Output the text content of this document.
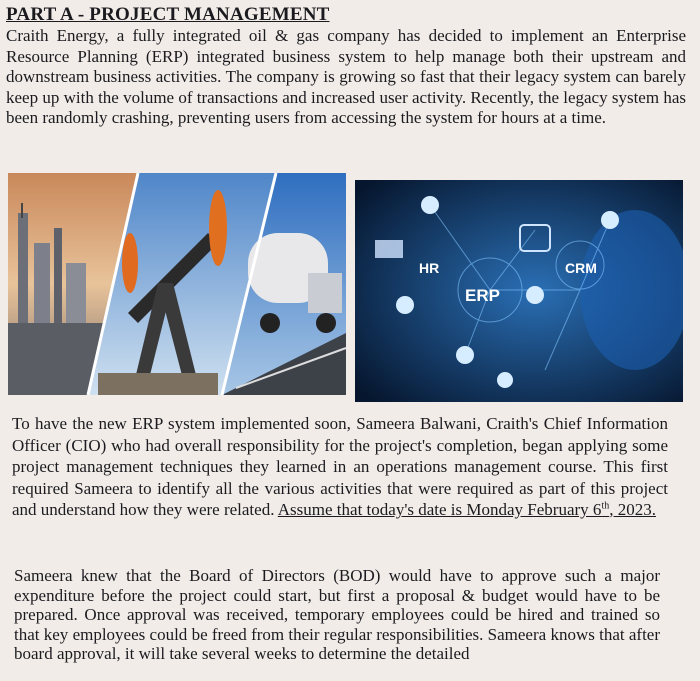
PART A - PROJECT MANAGEMENT
Craith Energy, a fully integrated oil & gas company has decided to implement an Enterprise Resource Planning (ERP) integrated business system to help manage both their upstream and downstream business activities. The company is growing so fast that their legacy system can barely keep up with the volume of transactions and increased user activity. Recently, the legacy system has been randomly crashing, preventing users from accessing the system for hours at a time.
HR	CRM
ERP
To have the new ERP system implemented soon, Sameera Balwani, Craith's Chief Information Officer (CIO) who had overall responsibility for the project's completion, began applying some project management techniques they learned in an operations management course. This first required Sameera to identify all the various activities that were required as part of this project and understand how they were related. Assume that today's date is Monday February 6th, 2023.
Sameera knew that the Board of Directors (BOD) would have to approve such a major expenditure before the project could start, but first a proposal & budget would have to be prepared. Once approval was received, temporary employees could be hired and trained so that key employees could be freed from their regular responsibilities. Sameera knows that after board approval, it will take several weeks to determine the detailed
